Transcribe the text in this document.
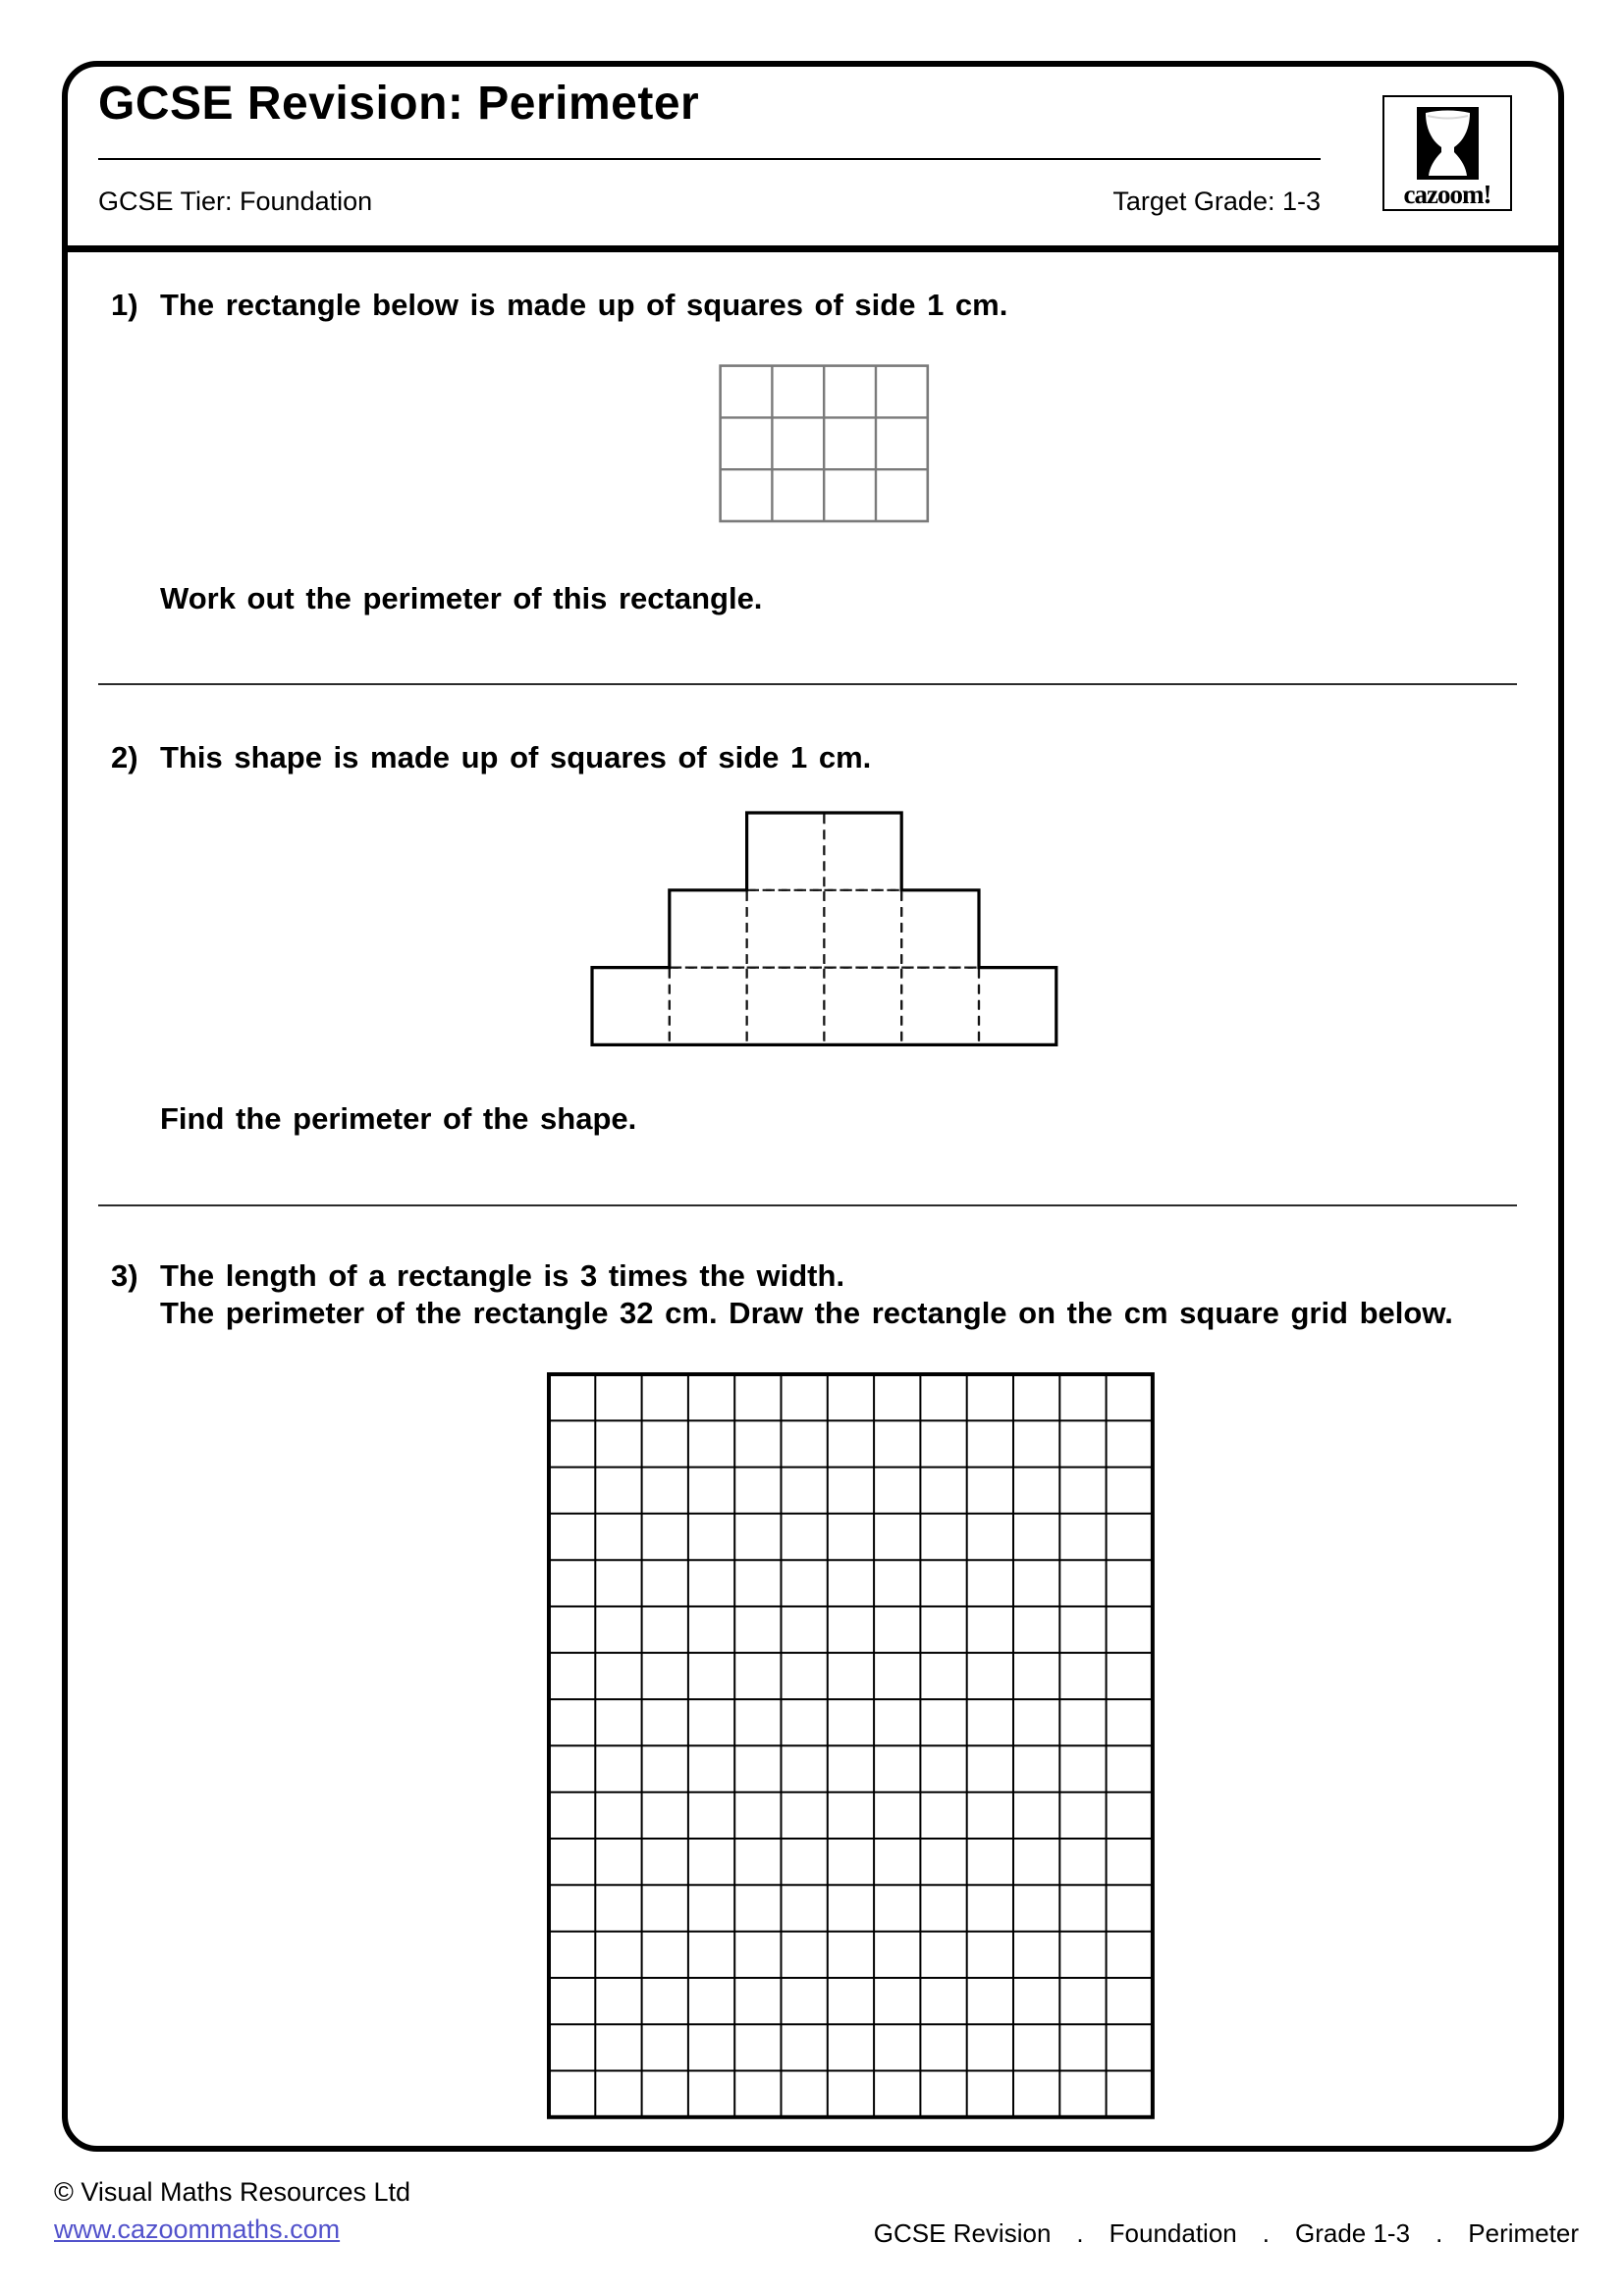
GCSE Revision: Perimeter
GCSE Tier: Foundation	Target Grade: 1-3	cazoom!
1) The rectangle below is made up of squares of side 1 cm.
Work out the perimeter of this rectangle.
2) This shape is made up of squares of side 1 cm.
Find the perimeter of the shape.
3) The length of a rectangle is 3 times the width.
The perimeter of the rectangle 32 cm. Draw the rectangle on the cm square grid below.
© Visual Maths Resources Ltd
www.cazoommaths.com	GCSE Revision . Foundation . Grade 1-3 . Perimeter
